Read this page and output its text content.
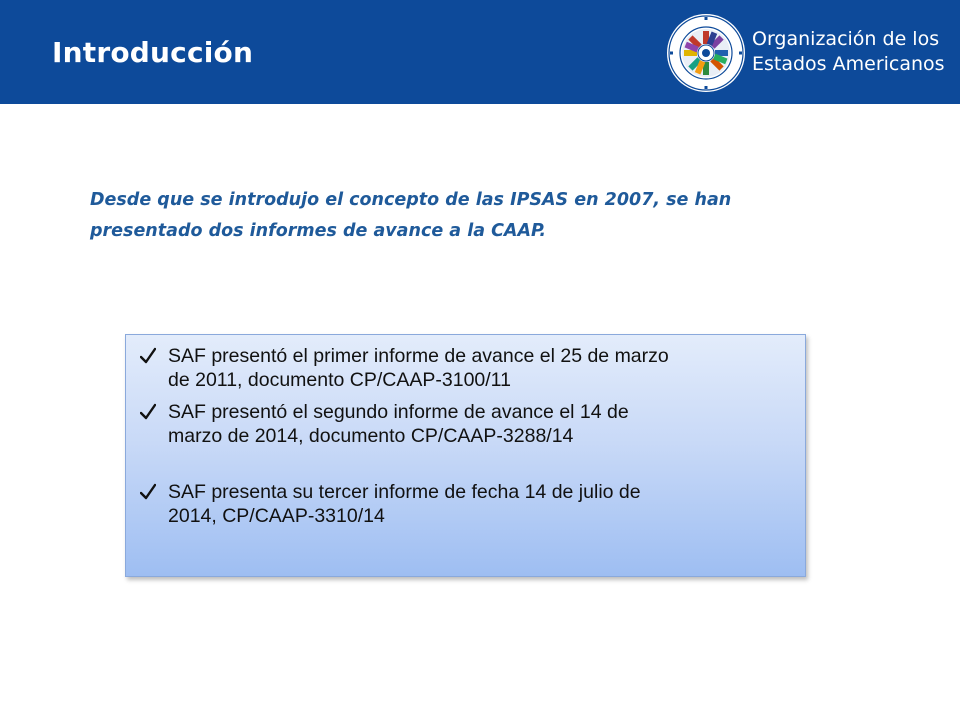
Introducción	Organización de los
Estados Americanos
Desde que se introdujo el concepto de las IPSAS en 2007, se han
presentado dos informes de avance a la CAAP.
SAF presentó el primer informe de avance el 25 de marzo
de 2011, documento CP/CAAP-3100/11
SAF presentó el segundo informe de avance el 14 de
marzo de 2014, documento CP/CAAP-3288/14
SAF presenta su tercer informe de fecha 14 de julio de
2014, CP/CAAP-3310/14
